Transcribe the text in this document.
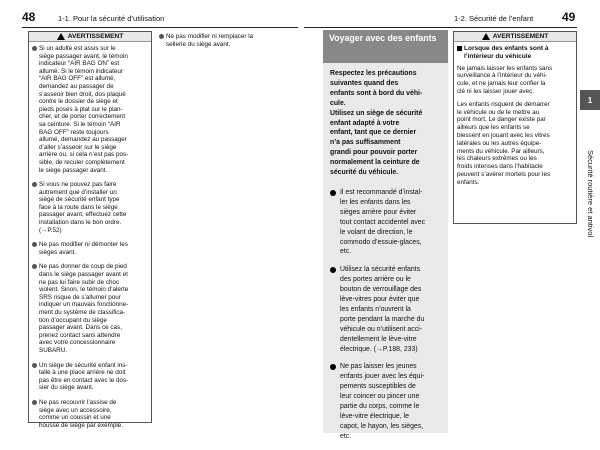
48	1-1. Pour la sécurité d’utilisation	49
1-2. Sécurité de l’enfant
AVERTISSEMENT
Si un adulte est assis sur le
siège passager avant, le témoin
indicateur “AIR BAG ON” est
allumé. Si le témoin indicateur
“AIR BAG OFF” est allumé,
demandez au passager de
s’asseoir bien droit, dos plaqué
contre le dossier de siège et
pieds posés à plat sur le plan-
cher, et de porter correctement
sa ceinture. Si le témoin “AIR
BAG OFF” reste toujours
allumé, demandez au passager
d’aller s’asseoir sur le siège
arrière ou, si cela n’est pas pos-
sible, de reculer complètement
le siège passager avant.
Si vous ne pouvez pas faire
autrement que d’installer un
siège de sécurité enfant type
face à la route dans le siège
passager avant, effectuez cette
installation dans le bon ordre.
(→P.52)
Ne pas modifier ni démonter les
sièges avant.
Ne pas donner de coup de pied
dans le siège passager avant et
ne pas lui faire subir de choc
violent. Sinon, le témoin d’alerte
SRS risque de s’allumer pour
indiquer un mauvais fonctionne-
ment du système de classifica-
tion d’occupant du siège
passager avant. Dans ce cas,
prenez contact sans attendre
avec votre concessionnaire
SUBARU.
Un siège de sécurité enfant ins-
tallé à une place arrière ne doit
pas être en contact avec le dos-
sier du siège avant.
Ne pas recouvrir l’assise de
siège avec un accessoire,
comme un coussin et une
housse de siège par exemple.
Ne pas modifier ni remplacer la
sellerie du siège avant.
Voyager avec des enfants
Respectez les précautions
suivantes quand des
enfants sont à bord du véhi-
cule.
Utilisez un siège de sécurité
enfant adapté à votre
enfant, tant que ce dernier
n’a pas suffisamment
grandi pour pouvoir porter
normalement la ceinture de
sécurité du véhicule.
Il est recommandé d’instal-
ler les enfants dans les
sièges arrière pour éviter
tout contact accidentel avec
le volant de direction, le
commodo d’essuie-glaces,
etc.
Utilisez la sécurité enfants
des portes arrière ou le
bouton de verrouillage des
lève-vitres pour éviter que
les enfants n’ouvrent la
porte pendant la marche du
véhicule ou n’utilisent acci-
dentellement le lève-vitre
électrique. (→P.188, 233)
Ne pas laisser les jeunes
enfants jouer avec les équi-
pements susceptibles de
leur coincer ou pincer une
partie du corps, comme le
lève-vitre électrique, le
capot, le hayon, les sièges,
etc.
AVERTISSEMENT
Lorsque des enfants sont à
l’intérieur du véhicule
Ne jamais laisser les enfants sans
surveillance à l’intérieur du véhi-
cule, et ne jamais leur confier la
clé ni les laisser jouer avec.
Les enfants risquent de démarrer
le véhicule ou de le mettre au
point mort. Le danger existe par
ailleurs que les enfants se
blessent en jouant avec les vitres
latérales ou les autres équipe-
ments du véhicule. Par ailleurs,
les chaleurs extrêmes ou les
froids intenses dans l’habitacle
peuvent s’avérer mortels pour les
enfants.
1
Sécurité routière et antivol
